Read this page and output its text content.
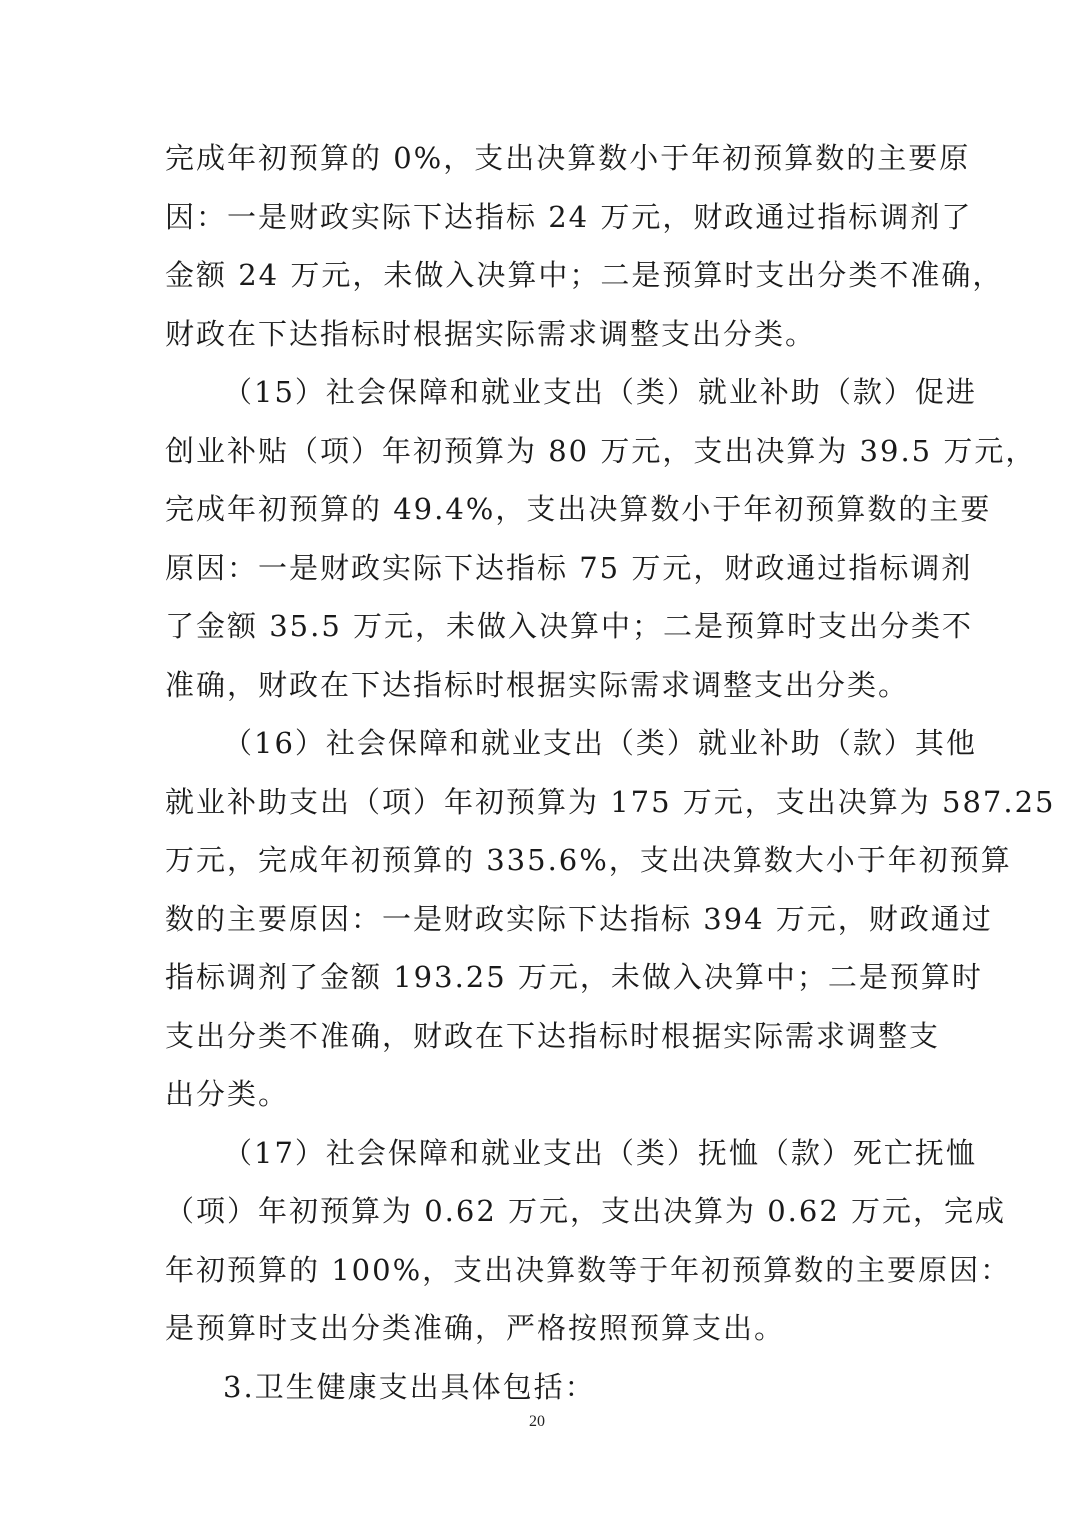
完成年初预算的 0%，支出决算数小于年初预算数的主要原
因：一是财政实际下达指标 24 万元，财政通过指标调剂了
金额 24 万元，未做入决算中；二是预算时支出分类不准确，
财政在下达指标时根据实际需求调整支出分类。
（15）社会保障和就业支出（类）就业补助（款）促进
创业补贴（项）年初预算为 80 万元，支出决算为 39.5 万元，
完成年初预算的 49.4%，支出决算数小于年初预算数的主要
原因：一是财政实际下达指标 75 万元，财政通过指标调剂
了金额 35.5 万元，未做入决算中；二是预算时支出分类不
准确，财政在下达指标时根据实际需求调整支出分类。
（16）社会保障和就业支出（类）就业补助（款）其他
就业补助支出（项）年初预算为 175 万元，支出决算为 587.25
万元，完成年初预算的 335.6%，支出决算数大小于年初预算
数的主要原因：一是财政实际下达指标 394 万元，财政通过
指标调剂了金额 193.25 万元，未做入决算中；二是预算时
支出分类不准确，财政在下达指标时根据实际需求调整支
出分类。
（17）社会保障和就业支出（类）抚恤（款）死亡抚恤
（项）年初预算为 0.62 万元，支出决算为 0.62 万元，完成
年初预算的 100%，支出决算数等于年初预算数的主要原因：
是预算时支出分类准确，严格按照预算支出。
3.卫生健康支出具体包括：
20
